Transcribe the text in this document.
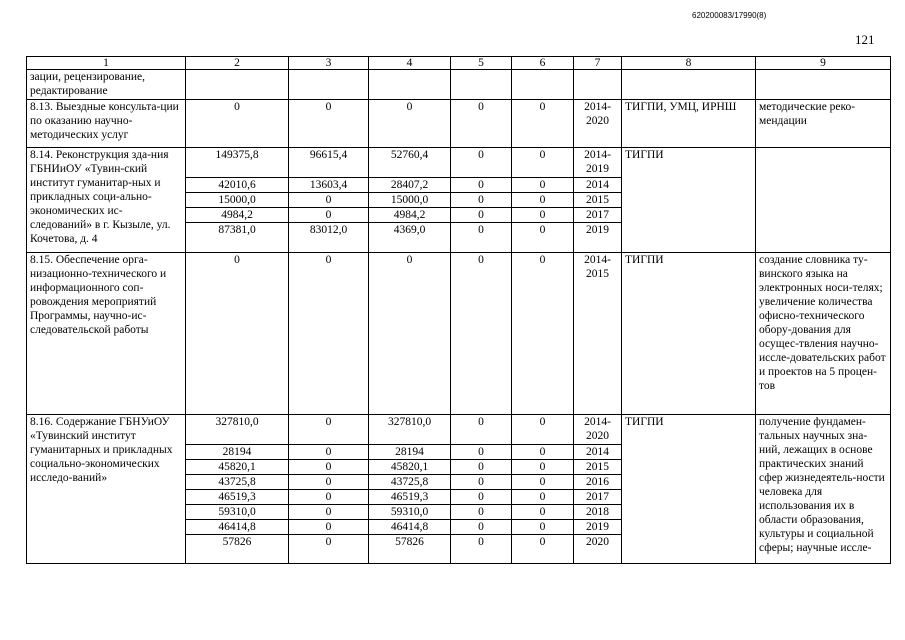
620200083/17990(8)
121
1	2	3	4	5	6	7	8	9
зации, рецензирование, редактирование								
8.13. Выездные консульта-ции по оказанию научно-методических услуг	0	0	0	0	0	2014-2020	ТИГПИ, УМЦ, ИРНШ	методические реко-мендации
8.14. Реконструкция зда-ния ГБНИиОУ «Тувин-ский институт гуманитар-ных и прикладных соци-ально-экономических ис-следований» в г. Кызыле, ул. Кочетова, д. 4	149375,8	96615,4	52760,4	0	0	2014-2019	ТИГПИ	
	42010,6	13603,4	28407,2	0	0	2014		
	15000,0	0	15000,0	0	0	2015		
	4984,2	0	4984,2	0	0	2017		
	87381,0	83012,0	4369,0	0	0	2019		
8.15. Обеспечение орга-низационно-технического и информационного соп-ровождения мероприятий Программы, научно-ис-следовательской работы	0	0	0	0	0	2014-2015	ТИГПИ	создание словника ту-винского языка на электронных носи-телях; увеличение количества офисно-технического обору-дования для осущес-твления научно-иссле-довательских работ и проектов на 5 процен-тов
8.16. Содержание ГБНУиОУ «Тувинский институт гуманитарных и прикладных социально-экономических исследо-ваний»	327810,0	0	327810,0	0	0	2014-2020	ТИГПИ	получение фундамен-тальных научных зна-ний, лежащих в основе практических знаний сфер жизнедеятель-ности человека для использования их в области образования, культуры и социальной сферы; научные иссле-
	28194	0	28194	0	0	2014		
	45820,1	0	45820,1	0	0	2015		
	43725,8	0	43725,8	0	0	2016		
	46519,3	0	46519,3	0	0	2017		
	59310,0	0	59310,0	0	0	2018		
	46414,8	0	46414,8	0	0	2019		
	57826	0	57826	0	0	2020		
